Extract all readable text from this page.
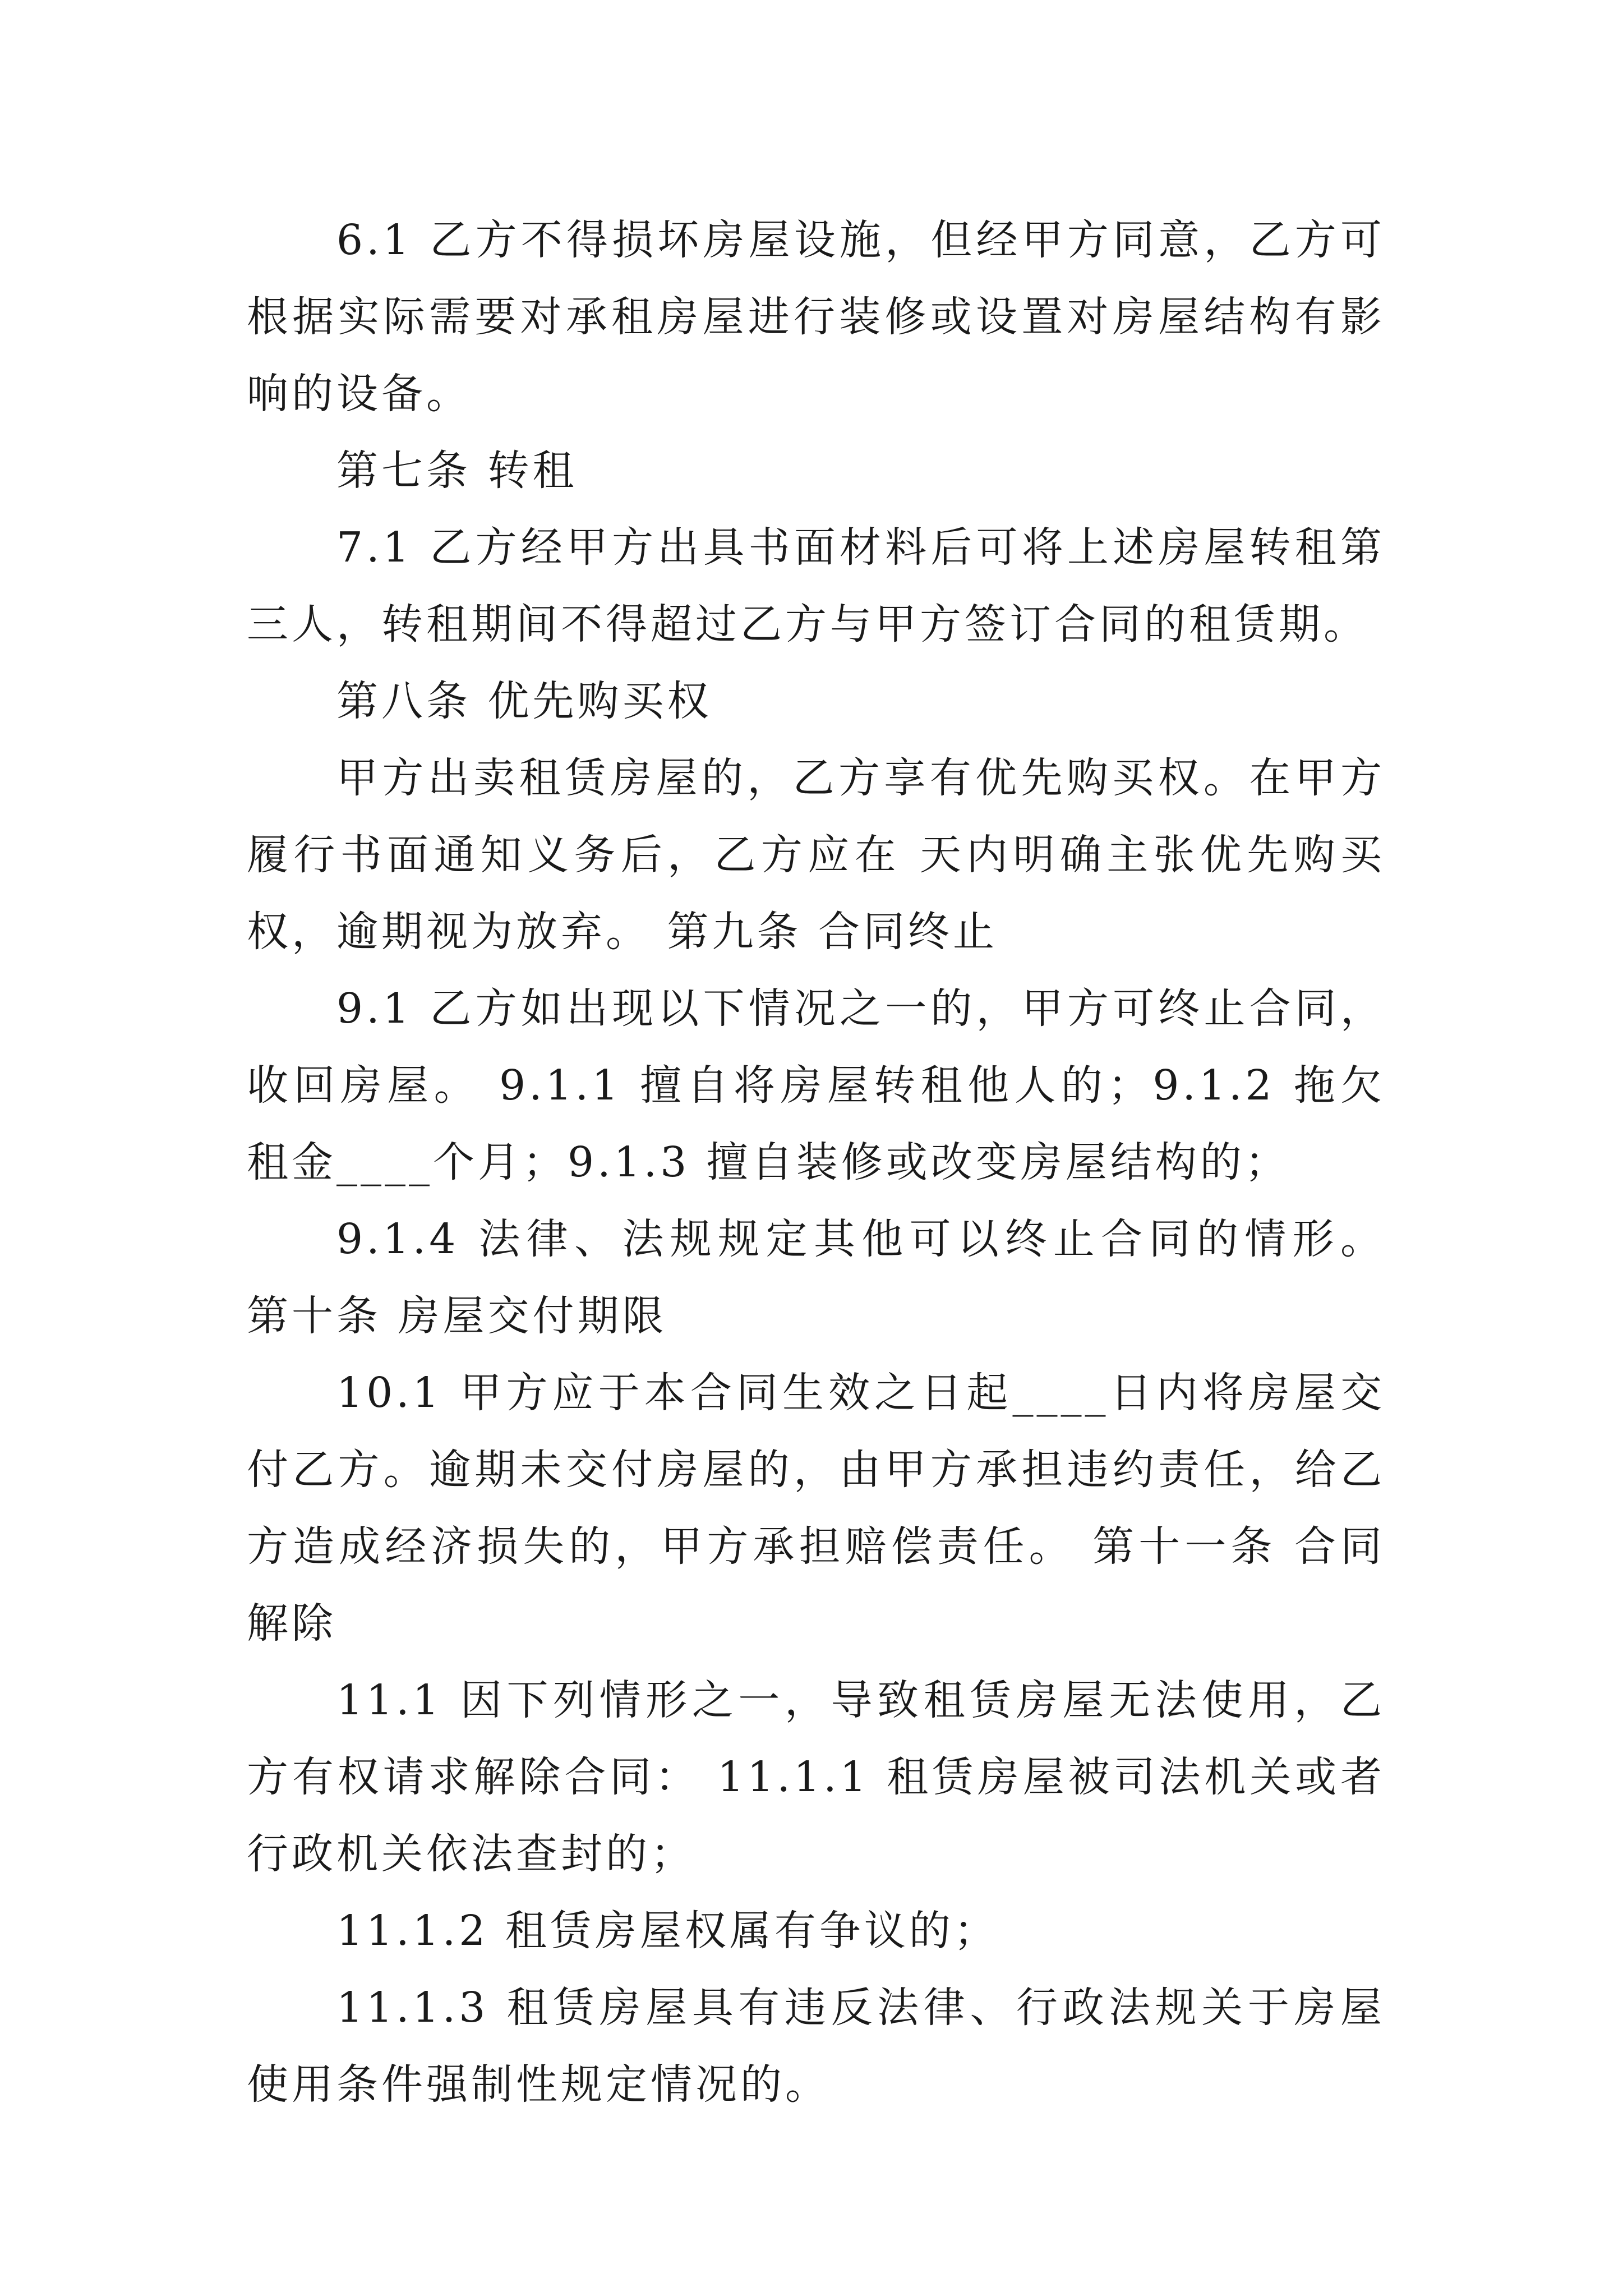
6.1 乙方不得损坏房屋设施，但经甲方同意，乙方可根据实际需要对承租房屋进行装修或设置对房屋结构有影响的设备。

第七条 转租

7.1 乙方经甲方出具书面材料后可将上述房屋转租第三人，转租期间不得超过乙方与甲方签订合同的租赁期。

第八条 优先购买权

甲方出卖租赁房屋的，乙方享有优先购买权。在甲方履行书面通知义务后，乙方应在 天内明确主张优先购买权，逾期视为放弃。 第九条 合同终止

9.1 乙方如出现以下情况之一的，甲方可终止合同，收回房屋。 9.1.1 擅自将房屋转租他人的；9.1.2 拖欠租金____个月；9.1.3 擅自装修或改变房屋结构的；

9.1.4 法律、法规规定其他可以终止合同的情形。 第十条 房屋交付期限

10.1 甲方应于本合同生效之日起____日内将房屋交付乙方。逾期未交付房屋的，由甲方承担违约责任，给乙方造成经济损失的，甲方承担赔偿责任。 第十一条 合同解除

11.1 因下列情形之一，导致租赁房屋无法使用，乙方有权请求解除合同： 11.1.1 租赁房屋被司法机关或者行政机关依法查封的；

11.1.2 租赁房屋权属有争议的；

11.1.3 租赁房屋具有违反法律、行政法规关于房屋使用条件强制性规定情况的。
